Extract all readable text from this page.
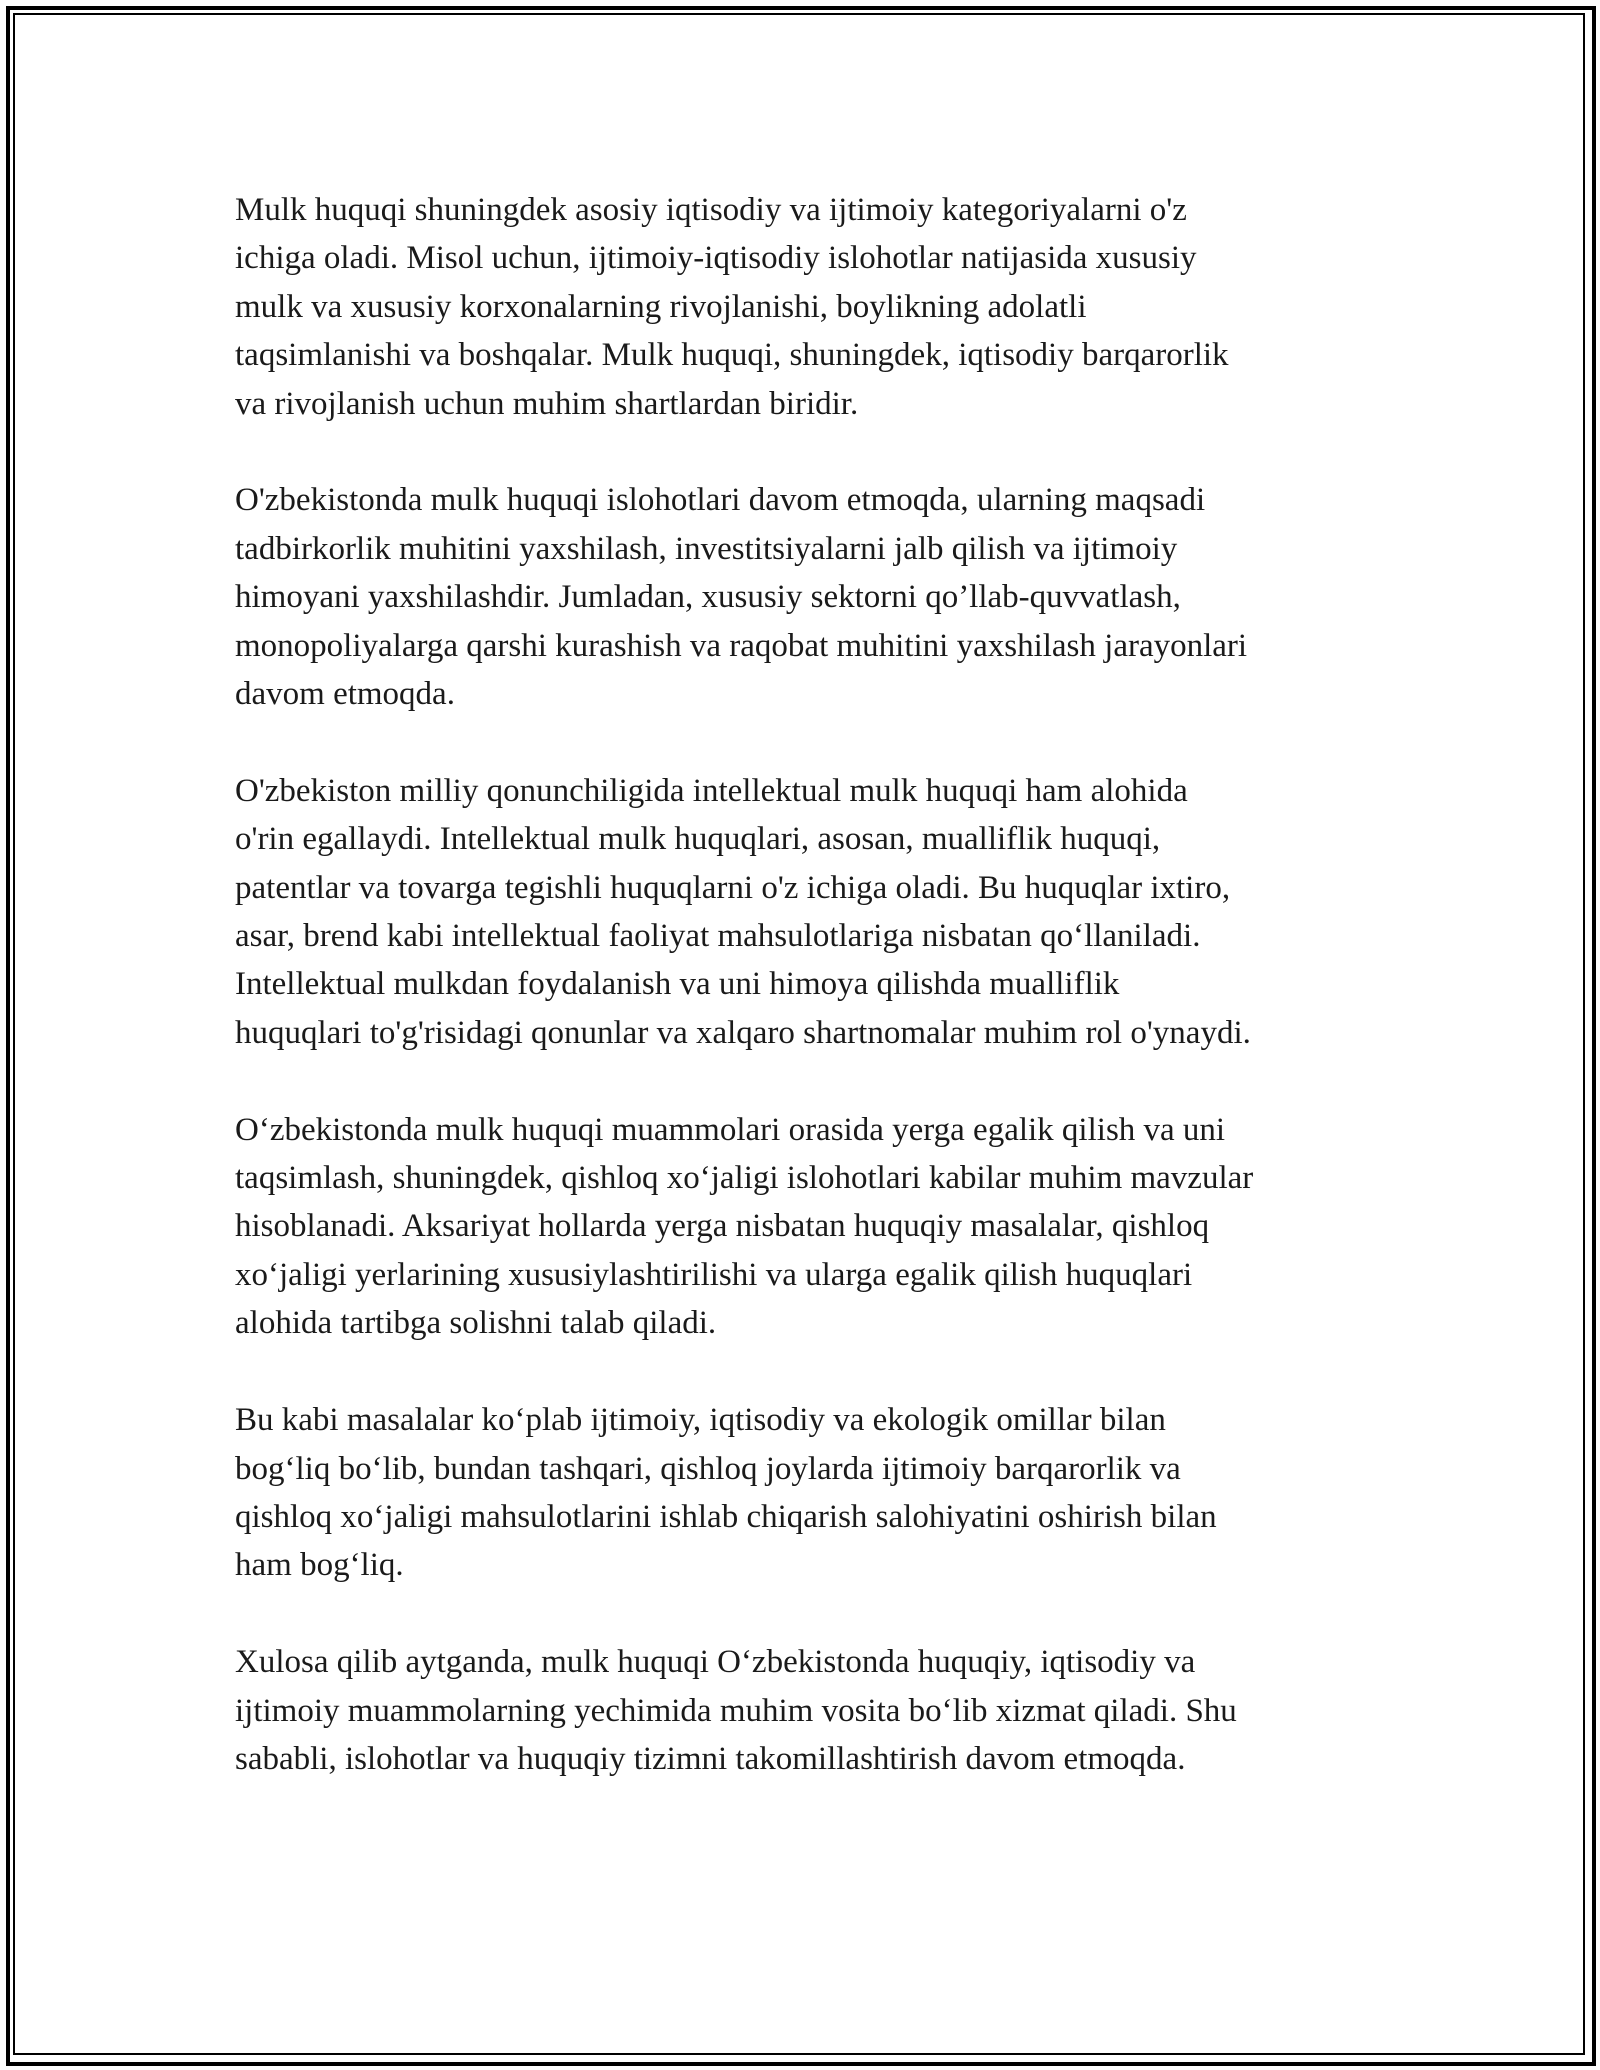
Mulk huquqi shuningdek asosiy iqtisodiy va ijtimoiy kategoriyalarni o'z
ichiga oladi. Misol uchun, ijtimoiy-iqtisodiy islohotlar natijasida xususiy
mulk va xususiy korxonalarning rivojlanishi, boylikning adolatli
taqsimlanishi va boshqalar. Mulk huquqi, shuningdek, iqtisodiy barqarorlik
va rivojlanish uchun muhim shartlardan biridir.

O'zbekistonda mulk huquqi islohotlari davom etmoqda, ularning maqsadi
tadbirkorlik muhitini yaxshilash, investitsiyalarni jalb qilish va ijtimoiy
himoyani yaxshilashdir. Jumladan, xususiy sektorni qo’llab-quvvatlash,
monopoliyalarga qarshi kurashish va raqobat muhitini yaxshilash jarayonlari
davom etmoqda.

O'zbekiston milliy qonunchiligida intellektual mulk huquqi ham alohida
o'rin egallaydi. Intellektual mulk huquqlari, asosan, mualliflik huquqi,
patentlar va tovarga tegishli huquqlarni o'z ichiga oladi. Bu huquqlar ixtiro,
asar, brend kabi intellektual faoliyat mahsulotlariga nisbatan qo‘llaniladi.
Intellektual mulkdan foydalanish va uni himoya qilishda mualliflik
huquqlari to'g'risidagi qonunlar va xalqaro shartnomalar muhim rol o'ynaydi.

O‘zbekistonda mulk huquqi muammolari orasida yerga egalik qilish va uni
taqsimlash, shuningdek, qishloq xo‘jaligi islohotlari kabilar muhim mavzular
hisoblanadi. Aksariyat hollarda yerga nisbatan huquqiy masalalar, qishloq
xo‘jaligi yerlarining xususiylashtirilishi va ularga egalik qilish huquqlari
alohida tartibga solishni talab qiladi.

Bu kabi masalalar ko‘plab ijtimoiy, iqtisodiy va ekologik omillar bilan
bog‘liq bo‘lib, bundan tashqari, qishloq joylarda ijtimoiy barqarorlik va
qishloq xo‘jaligi mahsulotlarini ishlab chiqarish salohiyatini oshirish bilan
ham bog‘liq.

Xulosa qilib aytganda, mulk huquqi O‘zbekistonda huquqiy, iqtisodiy va
ijtimoiy muammolarning yechimida muhim vosita bo‘lib xizmat qiladi. Shu
sababli, islohotlar va huquqiy tizimni takomillashtirish davom etmoqda.
